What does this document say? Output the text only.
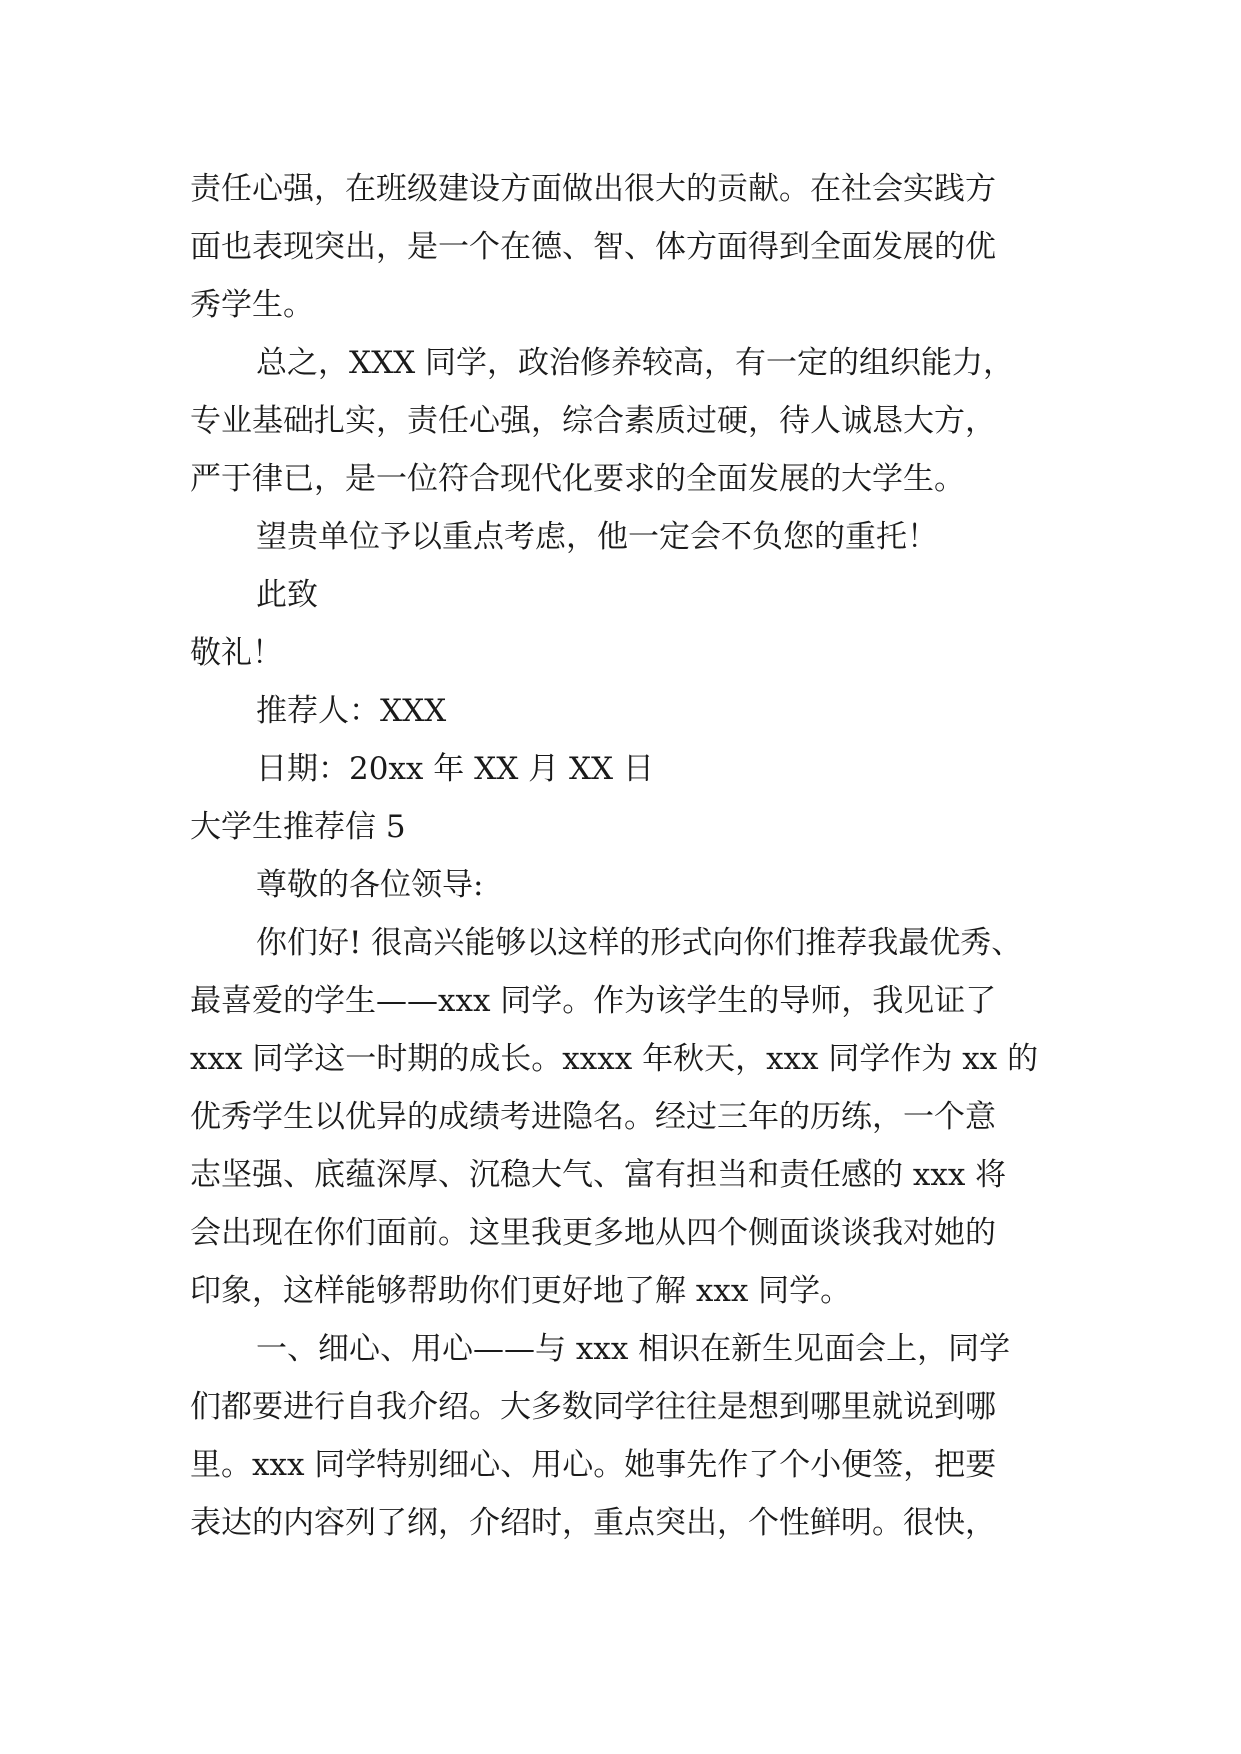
责任心强，在班级建设方面做出很大的贡献。在社会实践方
面也表现突出，是一个在德、智、体方面得到全面发展的优
秀学生。
总之，XXX 同学，政治修养较高，有一定的组织能力，
专业基础扎实，责任心强，综合素质过硬，待人诚恳大方，
严于律已，是一位符合现代化要求的全面发展的大学生。
望贵单位予以重点考虑，他一定会不负您的重托！
此致
敬礼！
推荐人：XXX
日期：20xx 年 XX 月 XX 日
大学生推荐信 5
尊敬的各位领导:
你们好! 很高兴能够以这样的形式向你们推荐我最优秀、
最喜爱的学生——xxx 同学。作为该学生的导师，我见证了
xxx 同学这一时期的成长。xxxx 年秋天，xxx 同学作为 xx 的
优秀学生以优异的成绩考进隐名。经过三年的历练，一个意
志坚强、底蕴深厚、沉稳大气、富有担当和责任感的 xxx 将
会出现在你们面前。这里我更多地从四个侧面谈谈我对她的
印象，这样能够帮助你们更好地了解 xxx 同学。
一、细心、用心——与 xxx 相识在新生见面会上，同学
们都要进行自我介绍。大多数同学往往是想到哪里就说到哪
里。xxx 同学特别细心、用心。她事先作了个小便签，把要
表达的内容列了纲，介绍时，重点突出，个性鲜明。很快，
